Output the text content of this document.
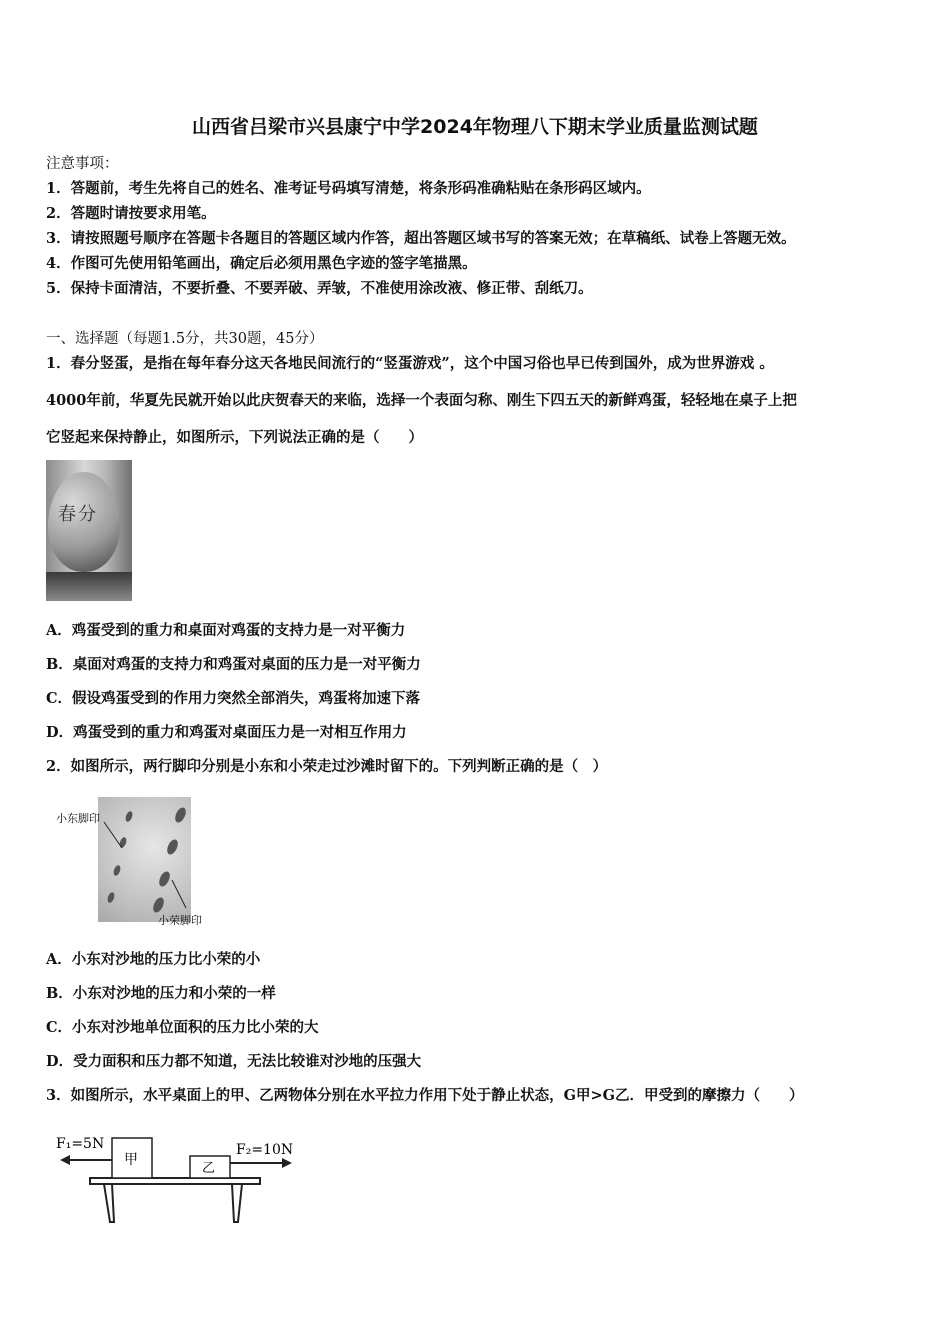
山西省吕梁市兴县康宁中学2024年物理八下期末学业质量监测试题
注意事项：
1．答题前，考生先将自己的姓名、准考证号码填写清楚，将条形码准确粘贴在条形码区域内。
2．答题时请按要求用笔。
3．请按照题号顺序在答题卡各题目的答题区域内作答，超出答题区域书写的答案无效；在草稿纸、试卷上答题无效。
4．作图可先使用铅笔画出，确定后必须用黑色字迹的签字笔描黑。
5．保持卡面清洁，不要折叠、不要弄破、弄皱，不准使用涂改液、修正带、刮纸刀。
一、选择题（每题1.5分，共30题，45分）
1．春分竖蛋，是指在每年春分这天各地民间流行的“竖蛋游戏”，这个中国习俗也早已传到国外，成为世界游戏 。
4000年前，华夏先民就开始以此庆贺春天的来临，选择一个表面匀称、刚生下四五天的新鲜鸡蛋，轻轻地在桌子上把
它竖起来保持静止，如图所示，下列说法正确的是（　　）
春分
A．鸡蛋受到的重力和桌面对鸡蛋的支持力是一对平衡力
B．桌面对鸡蛋的支持力和鸡蛋对桌面的压力是一对平衡力
C．假设鸡蛋受到的作用力突然全部消失，鸡蛋将加速下落
D．鸡蛋受到的重力和鸡蛋对桌面压力是一对相互作用力
2．如图所示，两行脚印分别是小东和小荣走过沙滩时留下的。下列判断正确的是（　）
小东脚印
小荣脚印
A．小东对沙地的压力比小荣的小
B．小东对沙地的压力和小荣的一样
C．小东对沙地单位面积的压力比小荣的大
D．受力面积和压力都不知道，无法比较谁对沙地的压强大
3．如图所示，水平桌面上的甲、乙两物体分别在水平拉力作用下处于静止状态，G甲>G乙．甲受到的摩擦力（　　）
F₁=5N	F₂=10N
甲
乙
